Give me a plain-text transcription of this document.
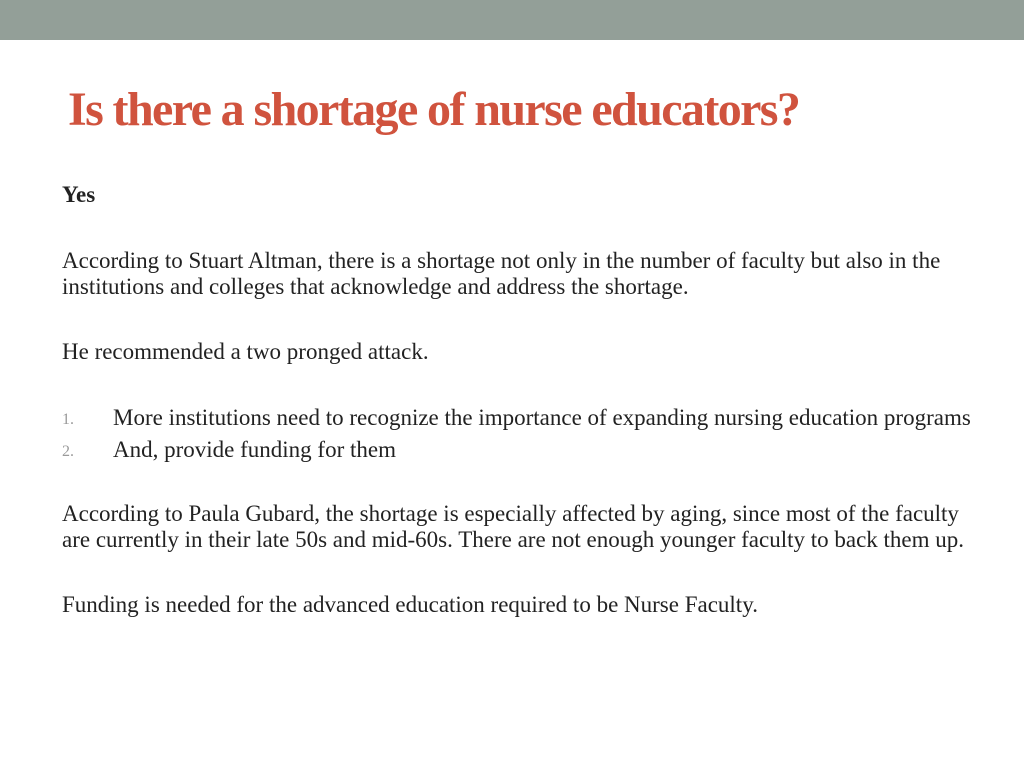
Is there a shortage of nurse educators?

Yes

According to Stuart Altman, there is a shortage not only in the number of faculty but also in the institutions and colleges that acknowledge and address the shortage.

He recommended a two pronged attack.

1. More institutions need to recognize the importance of expanding nursing education programs
2. And, provide funding for them

According to Paula Gubard, the shortage is especially affected by aging, since most of the faculty are currently in their late 50s and mid-60s. There are not enough younger faculty to back them up.

Funding is needed for the advanced education required to be Nurse Faculty.
